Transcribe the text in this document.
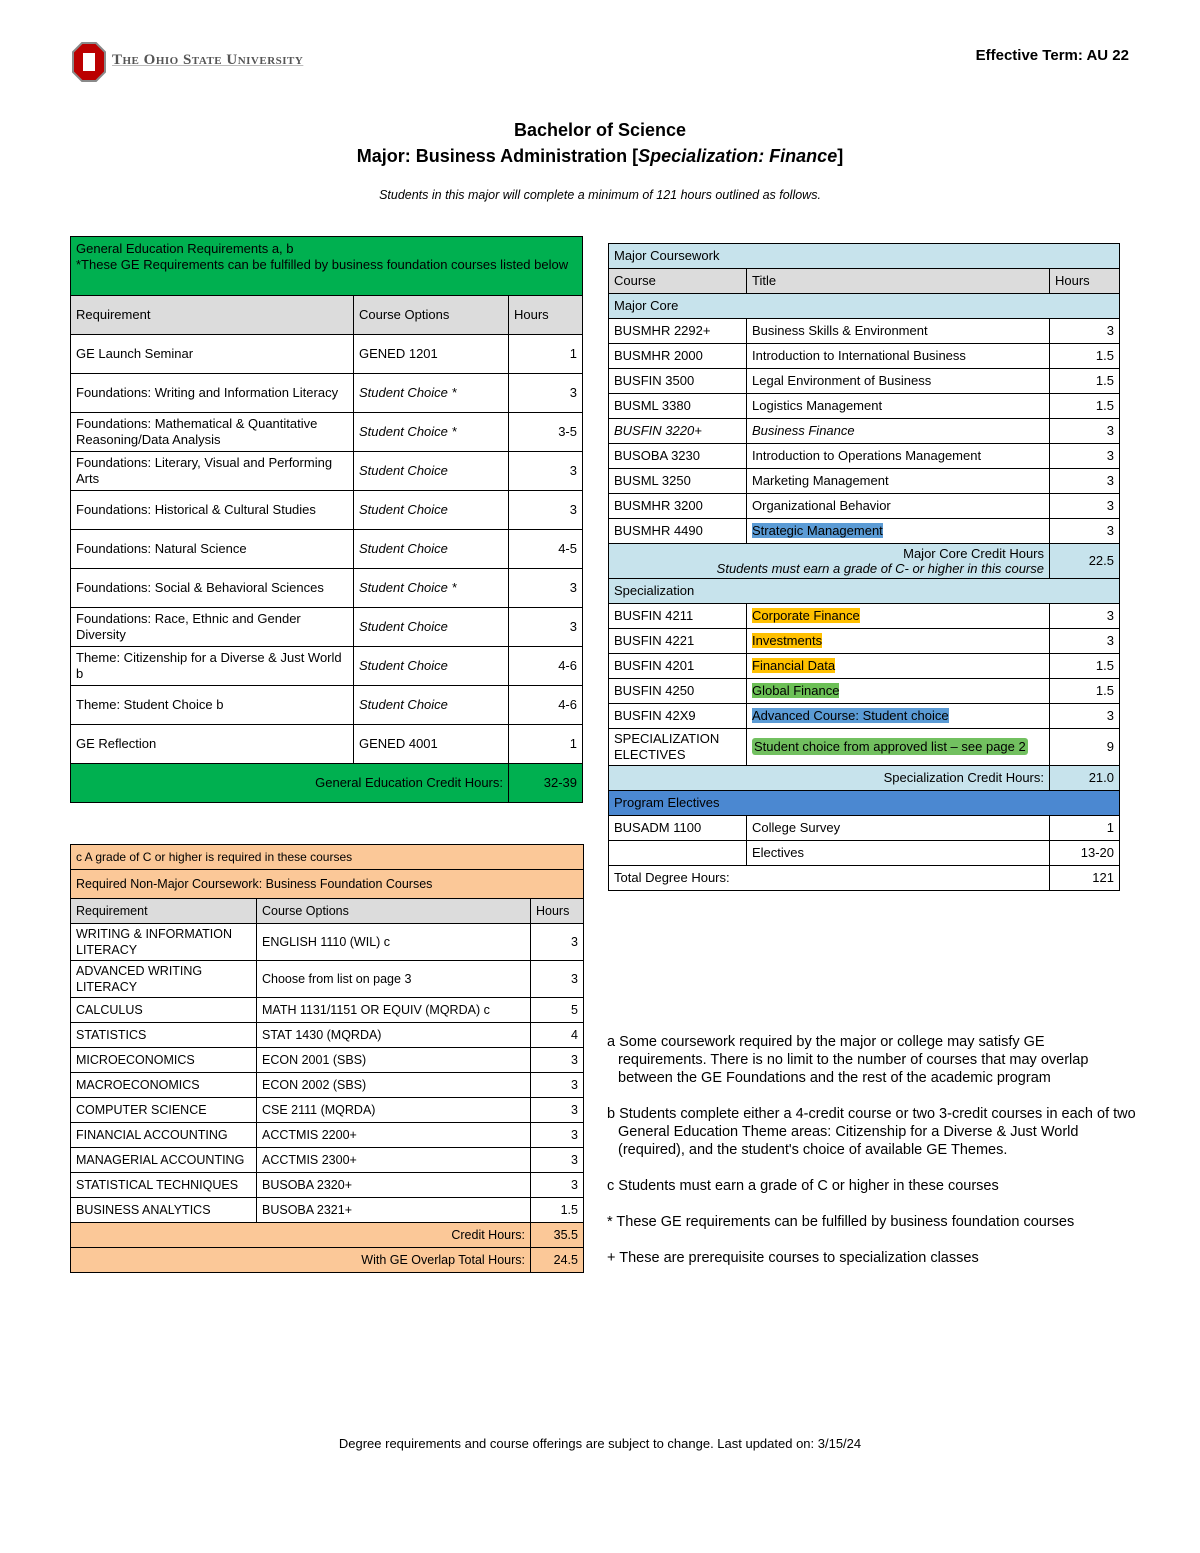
The Ohio State University	Effective Term: AU 22
Bachelor of Science
Major: Business Administration [Specialization: Finance]
Students in this major will complete a minimum of 121 hours outlined as follows.
General Education Requirements a, b
*These GE Requirements can be fulfilled by business foundation courses listed below		

Requirement	Course Options	Hours
GE Launch Seminar	GENED 1201	1
Foundations: Writing and Information Literacy	Student Choice *	3
Foundations: Mathematical & Quantitative Reasoning/Data Analysis	Student Choice *	3-5
Foundations: Literary, Visual and Performing Arts	Student Choice	3
Foundations: Historical & Cultural Studies	Student Choice	3
Foundations: Natural Science	Student Choice	4-5
Foundations: Social & Behavioral Sciences	Student Choice *	3
Foundations: Race, Ethnic and Gender Diversity	Student Choice	3
Theme: Citizenship for a Diverse & Just World b	Student Choice	4-6
Theme: Student Choice b	Student Choice	4-6
GE Reflection	GENED 4001	1
General Education Credit Hours:		32-39
c A grade of C or higher is required in these courses		
Required Non-Major Coursework: Business Foundation Courses		
Requirement	Course Options	Hours
WRITING & INFORMATION LITERACY	ENGLISH 1110 (WIL) c	3
ADVANCED WRITING LITERACY	Choose from list on page 3	3
CALCULUS	MATH 1131/1151 OR EQUIV (MQRDA) c	5
STATISTICS	STAT 1430 (MQRDA)	4
MICROECONOMICS	ECON 2001 (SBS)	3
MACROECONOMICS	ECON 2002 (SBS)	3
COMPUTER SCIENCE	CSE 2111 (MQRDA)	3
FINANCIAL ACCOUNTING	ACCTMIS 2200+	3
MANAGERIAL ACCOUNTING	ACCTMIS 2300+	3
STATISTICAL TECHNIQUES	BUSOBA 2320+	3
BUSINESS ANALYTICS	BUSOBA 2321+	1.5
Credit Hours:		35.5
With GE Overlap Total Hours:		24.5
Major Coursework		
Course	Title	Hours
Major Core		
BUSMHR 2292+	Business Skills & Environment	3
BUSMHR 2000	Introduction to International Business	1.5
BUSFIN 3500	Legal Environment of Business	1.5
BUSML 3380	Logistics Management	1.5
BUSFIN 3220+	Business Finance	3
BUSOBA 3230	Introduction to Operations Management	3
BUSML 3250	Marketing Management	3
BUSMHR 3200	Organizational Behavior	3
BUSMHR 4490	Strategic Management	3

Major Core Credit Hours
Students must earn a grade of C- or higher in this course		22.5
Specialization		
BUSFIN 4211	Corporate Finance	3
BUSFIN 4221	Investments	3
BUSFIN 4201	Financial Data	1.5
BUSFIN 4250	Global Finance	1.5
BUSFIN 42X9	Advanced Course: Student choice	3
SPECIALIZATION ELECTIVES	Student choice from approved list – see page 2	9
Specialization Credit Hours:		21.0
Program Electives		
BUSADM 1100	College Survey	1
	Electives	13-20
Total Degree Hours:		121

a Some coursework required by the major or college may satisfy GE requirements. There is no limit to the number of courses that may overlap between the GE Foundations and the rest of the academic program

b Students complete either a 4-credit course or two 3-credit courses in each of two General Education Theme areas: Citizenship for a Diverse & Just World (required), and the student's choice of available GE Themes.

c Students must earn a grade of C or higher in these courses

* These GE requirements can be fulfilled by business foundation courses

+ These are prerequisite courses to specialization classes

Degree requirements and course offerings are subject to change. Last updated on: 3/15/24
